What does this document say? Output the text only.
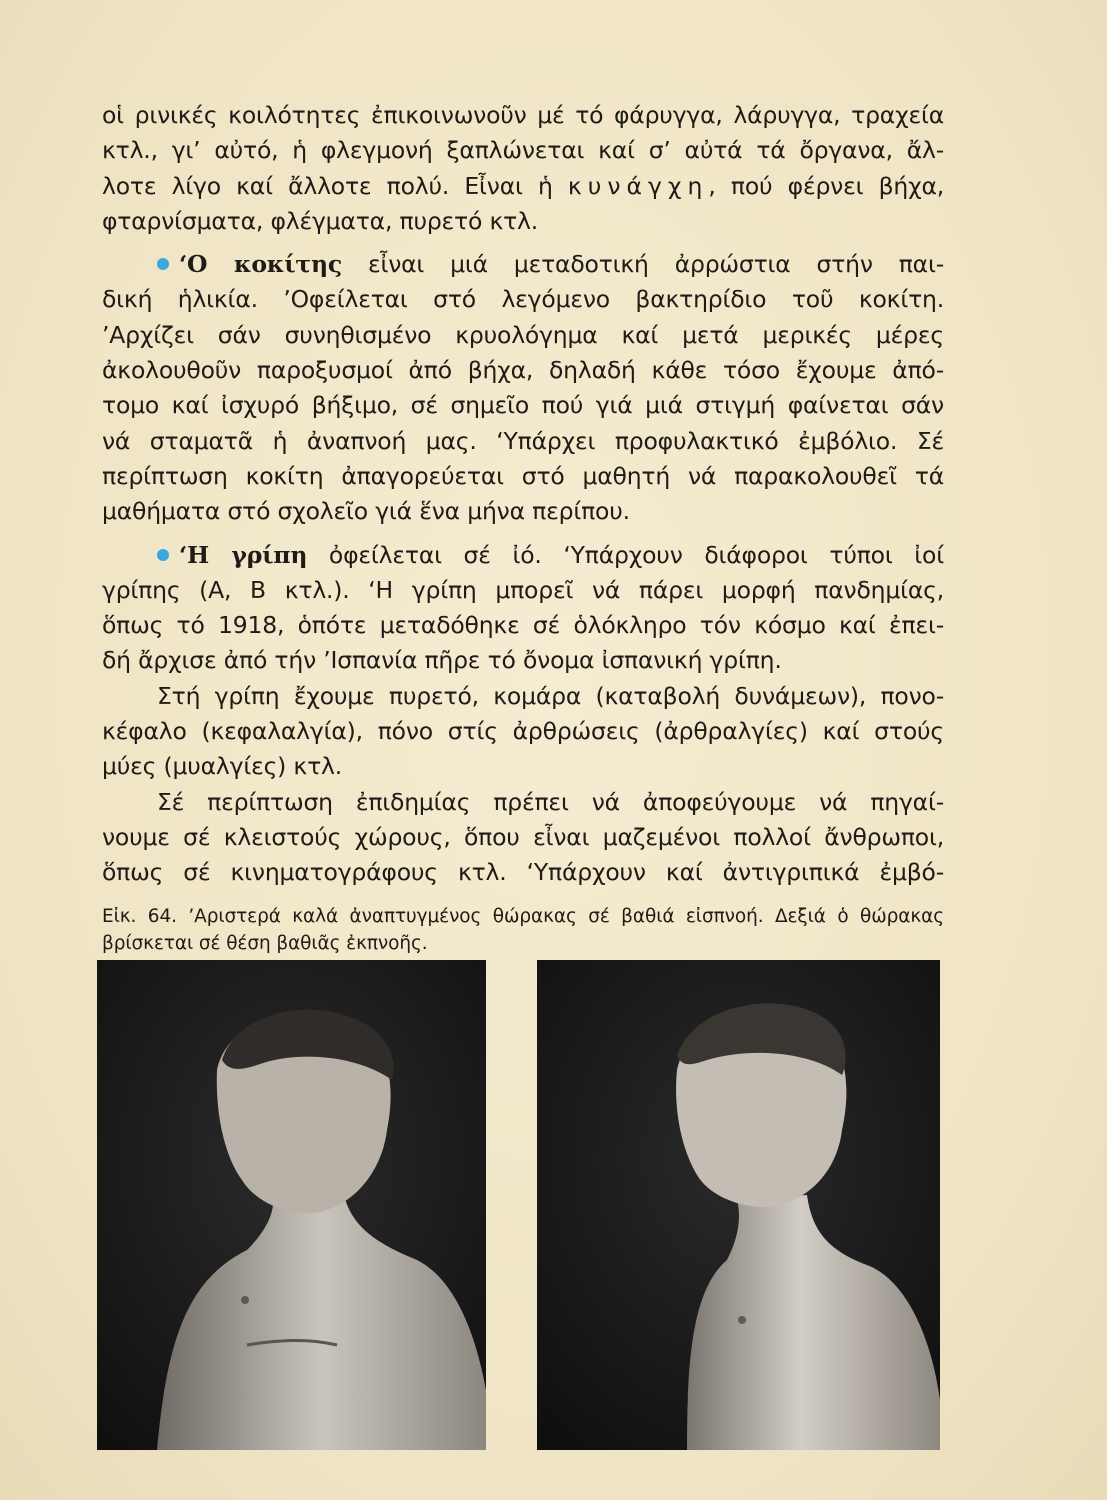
οἱ ρινικές κοιλότητες ἐπικοινωνοῦν μέ τό φάρυγγα, λάρυγγα, τραχεία
κτλ., γι’ αὐτό, ἡ φλεγμονή ξαπλώνεται καί σ’ αὐτά τά ὄργανα, ἄλ-
λοτε λίγο καί ἄλλοτε πολύ. Εἶναι ἡ κυνάγχη, πού φέρνει βήχα,
φταρνίσματα, φλέγματα, πυρετό κτλ.
‘Ο κοκίτης εἶναι μιά μεταδοτική ἀρρώστια στήν παι-
δική ἡλικία. ’Οφείλεται στό λεγόμενο βακτηρίδιο τοῦ κοκίτη.
’Αρχίζει σάν συνηθισμένο κρυολόγημα καί μετά μερικές μέρες
ἀκολουθοῦν παροξυσμοί ἀπό βήχα, δηλαδή κάθε τόσο ἔχουμε ἀπό-
τομο καί ἰσχυρό βήξιμο, σέ σημεῖο πού γιά μιά στιγμή φαίνεται σάν
νά σταματᾶ ἡ ἀναπνοή μας. ‘Υπάρχει προφυλακτικό ἐμβόλιο. Σέ
περίπτωση κοκίτη ἀπαγορεύεται στό μαθητή νά παρακολουθεῖ τά
μαθήματα στό σχολεῖο γιά ἕνα μήνα περίπου.
‘Η γρίπη ὀφείλεται σέ ἰό. ‘Υπάρχουν διάφοροι τύποι ἰοί
γρίπης (Α, Β κτλ.). ‘Η γρίπη μπορεῖ νά πάρει μορφή πανδημίας,
ὅπως τό 1918, ὁπότε μεταδόθηκε σέ ὁλόκληρο τόν κόσμο καί ἐπει-
δή ἄρχισε ἀπό τήν ’Ισπανία πῆρε τό ὄνομα ἰσπανική γρίπη.
Στή γρίπη ἔχουμε πυρετό, κομάρα (καταβολή δυνάμεων), πονο-
κέφαλο (κεφαλαλγία), πόνο στίς ἀρθρώσεις (ἀρθραλγίες) καί στούς
μύες (μυαλγίες) κτλ.
Σέ περίπτωση ἐπιδημίας πρέπει νά ἀποφεύγουμε νά πηγαί-
νουμε σέ κλειστούς χώρους, ὅπου εἶναι μαζεμένοι πολλοί ἄνθρωποι,
ὅπως σέ κινηματογράφους κτλ. ‘Υπάρχουν καί ἀντιγριπικά ἐμβό-
Εἰκ. 64. ’Αριστερά καλά ἀναπτυγμένος θώρακας σέ βαθιά εἰσπνοή. Δεξιά ὁ θώρακας
βρίσκεται σέ θέση βαθιᾶς ἐκπνοῆς.
